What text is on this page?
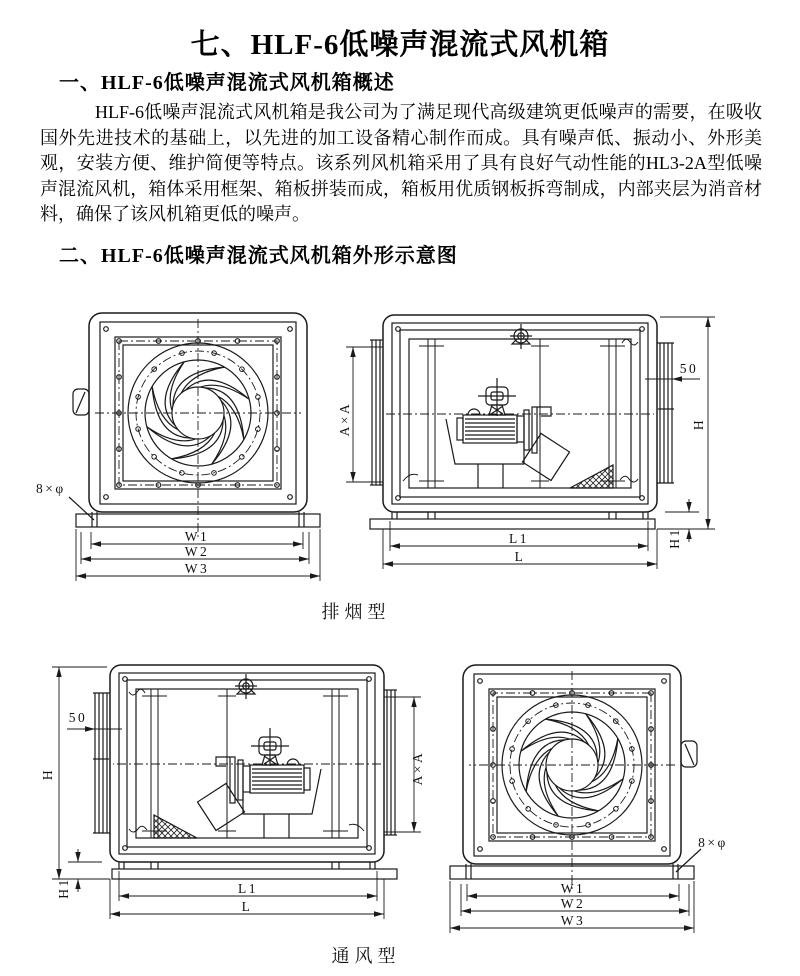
七、HLF-6低噪声混流式风机箱
一、HLF-6低噪声混流式风机箱概述
HLF-6低噪声混流式风机箱是我公司为了满足现代高级建筑更低噪声的需要，在吸收国外先进技术的基础上，以先进的加工设备精心制作而成。具有噪声低、振动小、外形美观，安装方便、维护简便等特点。该系列风机箱采用了具有良好气动性能的HL3-2A型低噪声混流风机，箱体采用框架、箱板拼装而成，箱板用优质钢板拆弯制成，内部夹层为消音材料，确保了该风机箱更低的噪声。
二、HLF-6低噪声混流式风机箱外形示意图
W1
W2
W3
8×φ
A×A
50
H
H1
L1
L
排烟型
50
H
H1
A×A
L1
L
W1
W2
W3
8×φ
通风型
